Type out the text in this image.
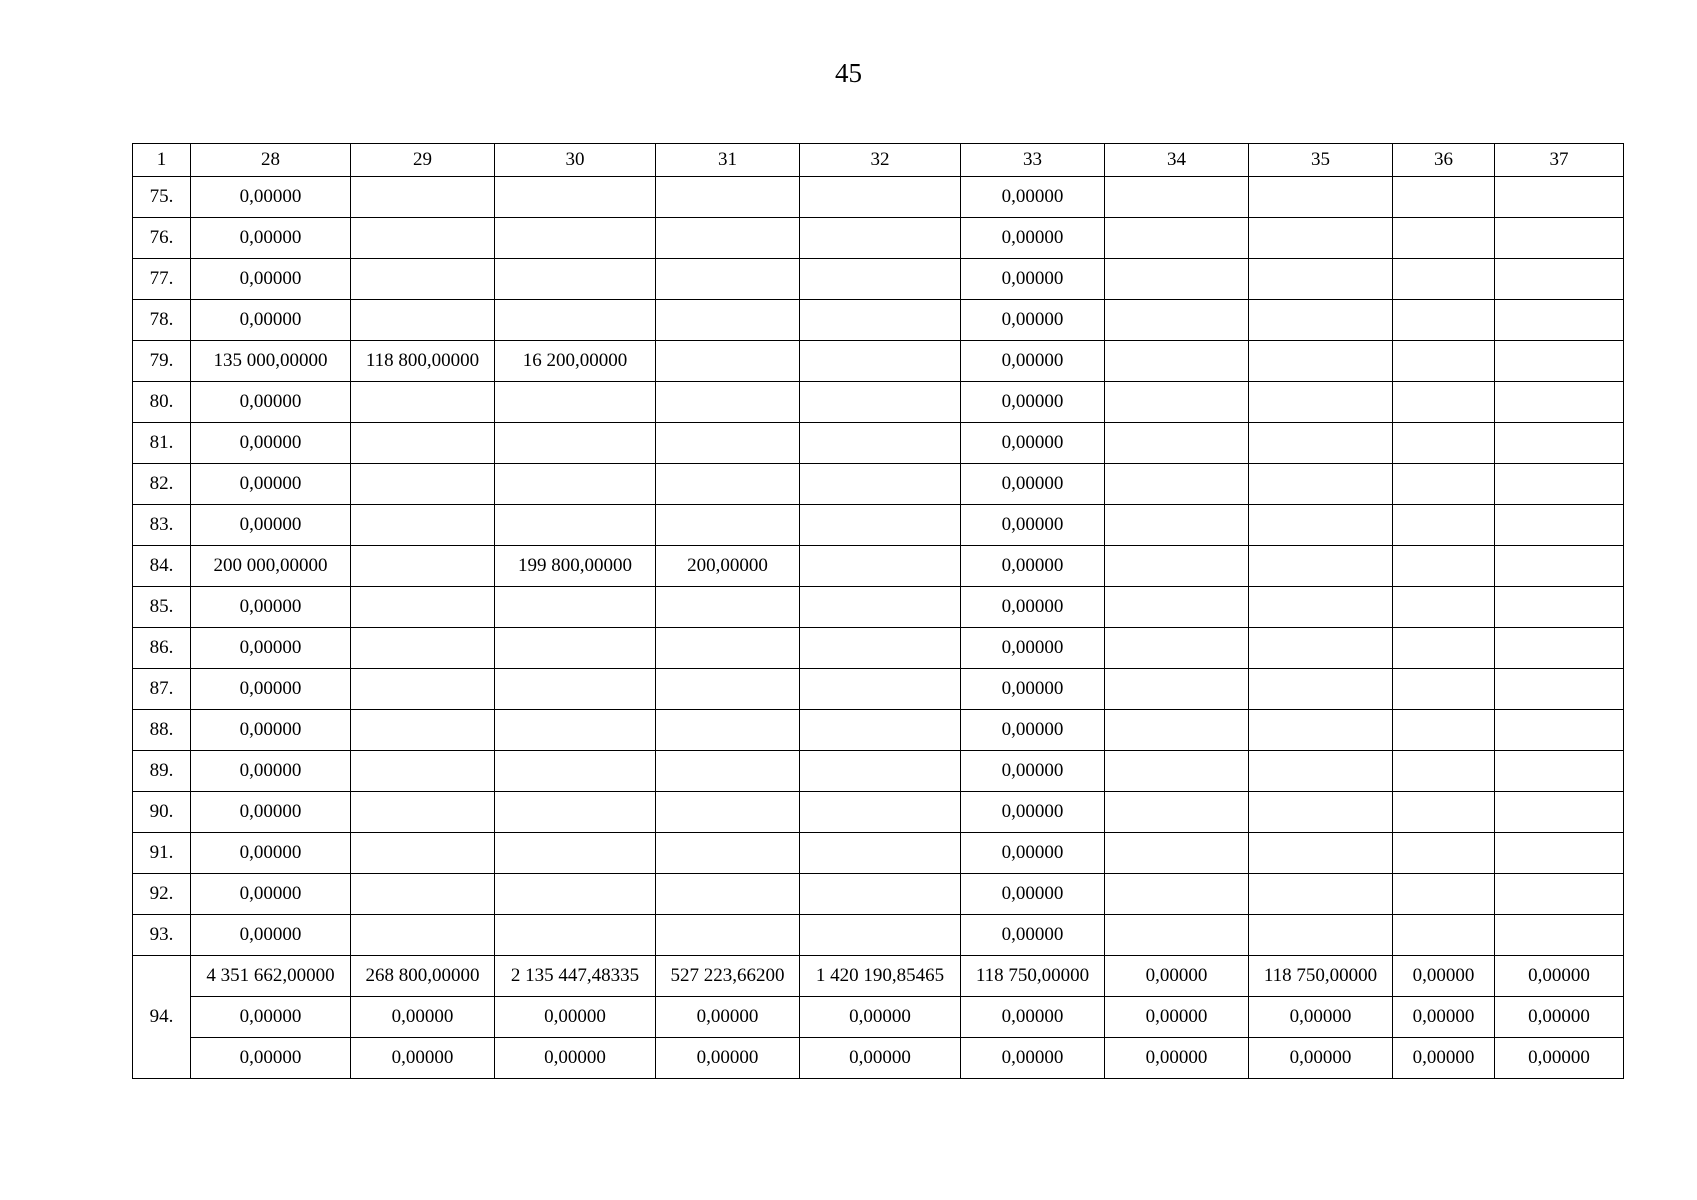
45
1	28	29	30	31	32	33	34	35	36	37
75.	0,00000					0,00000				
76.	0,00000					0,00000				
77.	0,00000					0,00000				
78.	0,00000					0,00000				
79.	135 000,00000	118 800,00000	16 200,00000			0,00000				
80.	0,00000					0,00000				
81.	0,00000					0,00000				
82.	0,00000					0,00000				
83.	0,00000					0,00000				
84.	200 000,00000		199 800,00000	200,00000		0,00000				
85.	0,00000					0,00000				
86.	0,00000					0,00000				
87.	0,00000					0,00000				
88.	0,00000					0,00000				
89.	0,00000					0,00000				
90.	0,00000					0,00000				
91.	0,00000					0,00000				
92.	0,00000					0,00000				
93.	0,00000					0,00000				
94.	4 351 662,00000	268 800,00000	2 135 447,48335	527 223,66200	1 420 190,85465	118 750,00000	0,00000	118 750,00000	0,00000	0,00000
	0,00000	0,00000	0,00000	0,00000	0,00000	0,00000	0,00000	0,00000	0,00000	0,00000
	0,00000	0,00000	0,00000	0,00000	0,00000	0,00000	0,00000	0,00000	0,00000	0,00000
